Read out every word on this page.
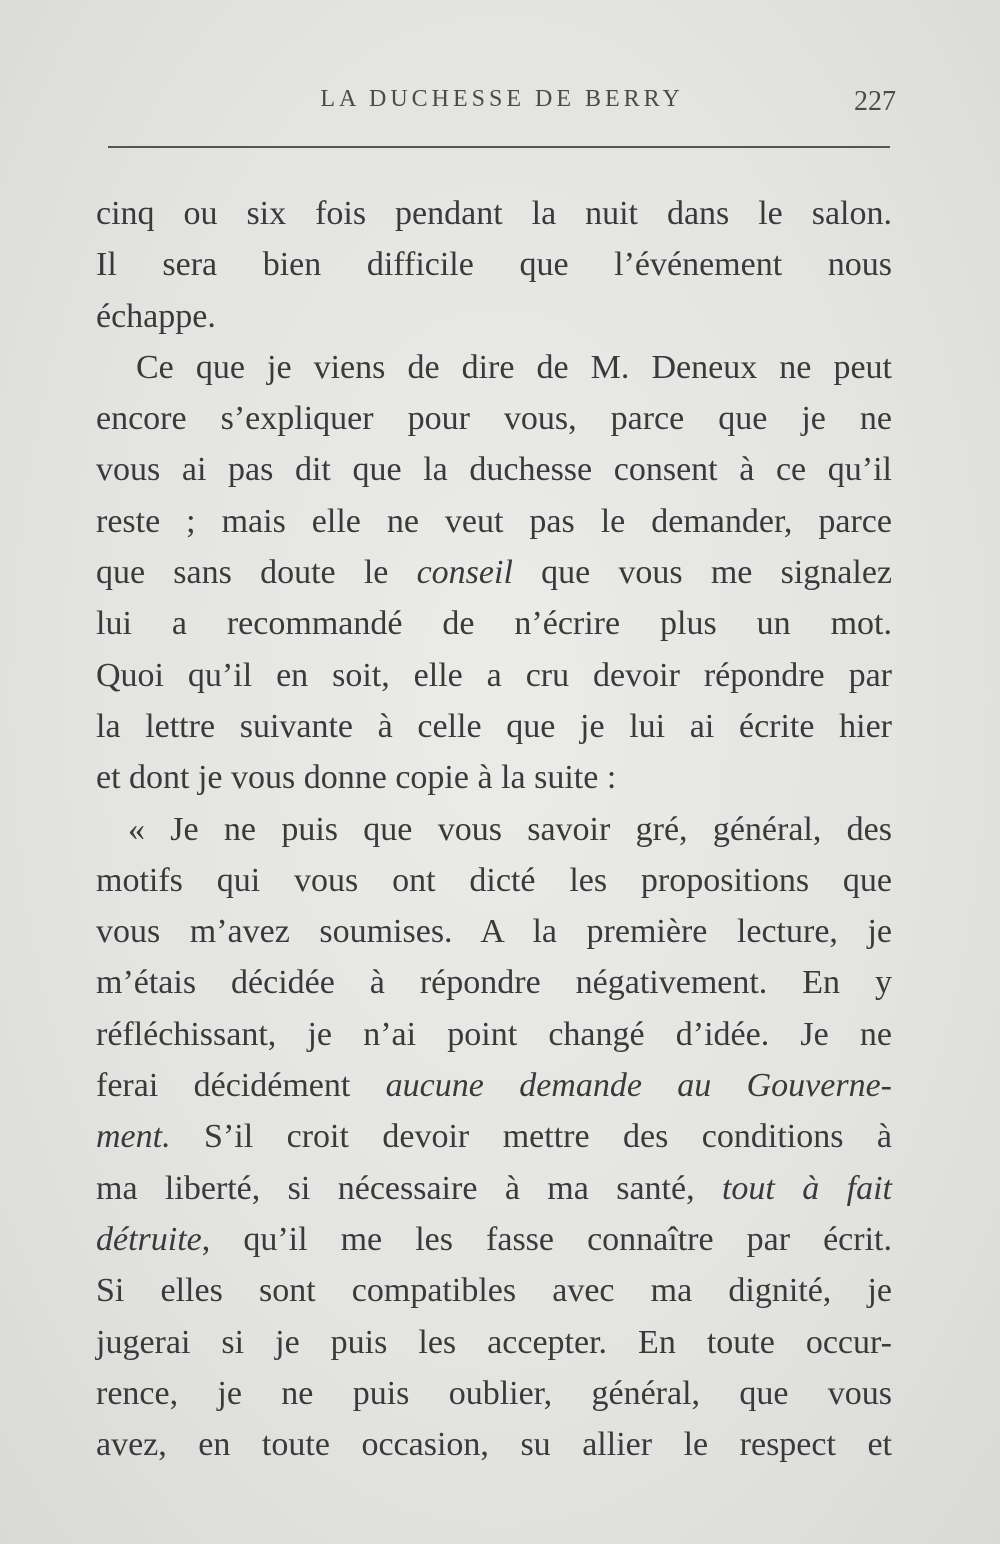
LA DUCHESSE DE BERRY	227
cinq ou six fois pendant la nuit dans le salon.
Il sera bien difficile que l’événement nous
échappe.
Ce que je viens de dire de M. Deneux ne peut
encore s’expliquer pour vous, parce que je ne
vous ai pas dit que la duchesse consent à ce qu’il
reste ; mais elle ne veut pas le demander, parce
que sans doute le conseil que vous me signalez
lui a recommandé de n’écrire plus un mot.
Quoi qu’il en soit, elle a cru devoir répondre par
la lettre suivante à celle que je lui ai écrite hier
et dont je vous donne copie à la suite :
« Je ne puis que vous savoir gré, général, des
motifs qui vous ont dicté les propositions que
vous m’avez soumises. A la première lecture, je
m’étais décidée à répondre négativement. En y
réfléchissant, je n’ai point changé d’idée. Je ne
ferai décidément aucune demande au Gouverne-
ment. S’il croit devoir mettre des conditions à
ma liberté, si nécessaire à ma santé, tout à fait
détruite, qu’il me les fasse connaître par écrit.
Si elles sont compatibles avec ma dignité, je
jugerai si je puis les accepter. En toute occur-
rence, je ne puis oublier, général, que vous
avez, en toute occasion, su allier le respect et
